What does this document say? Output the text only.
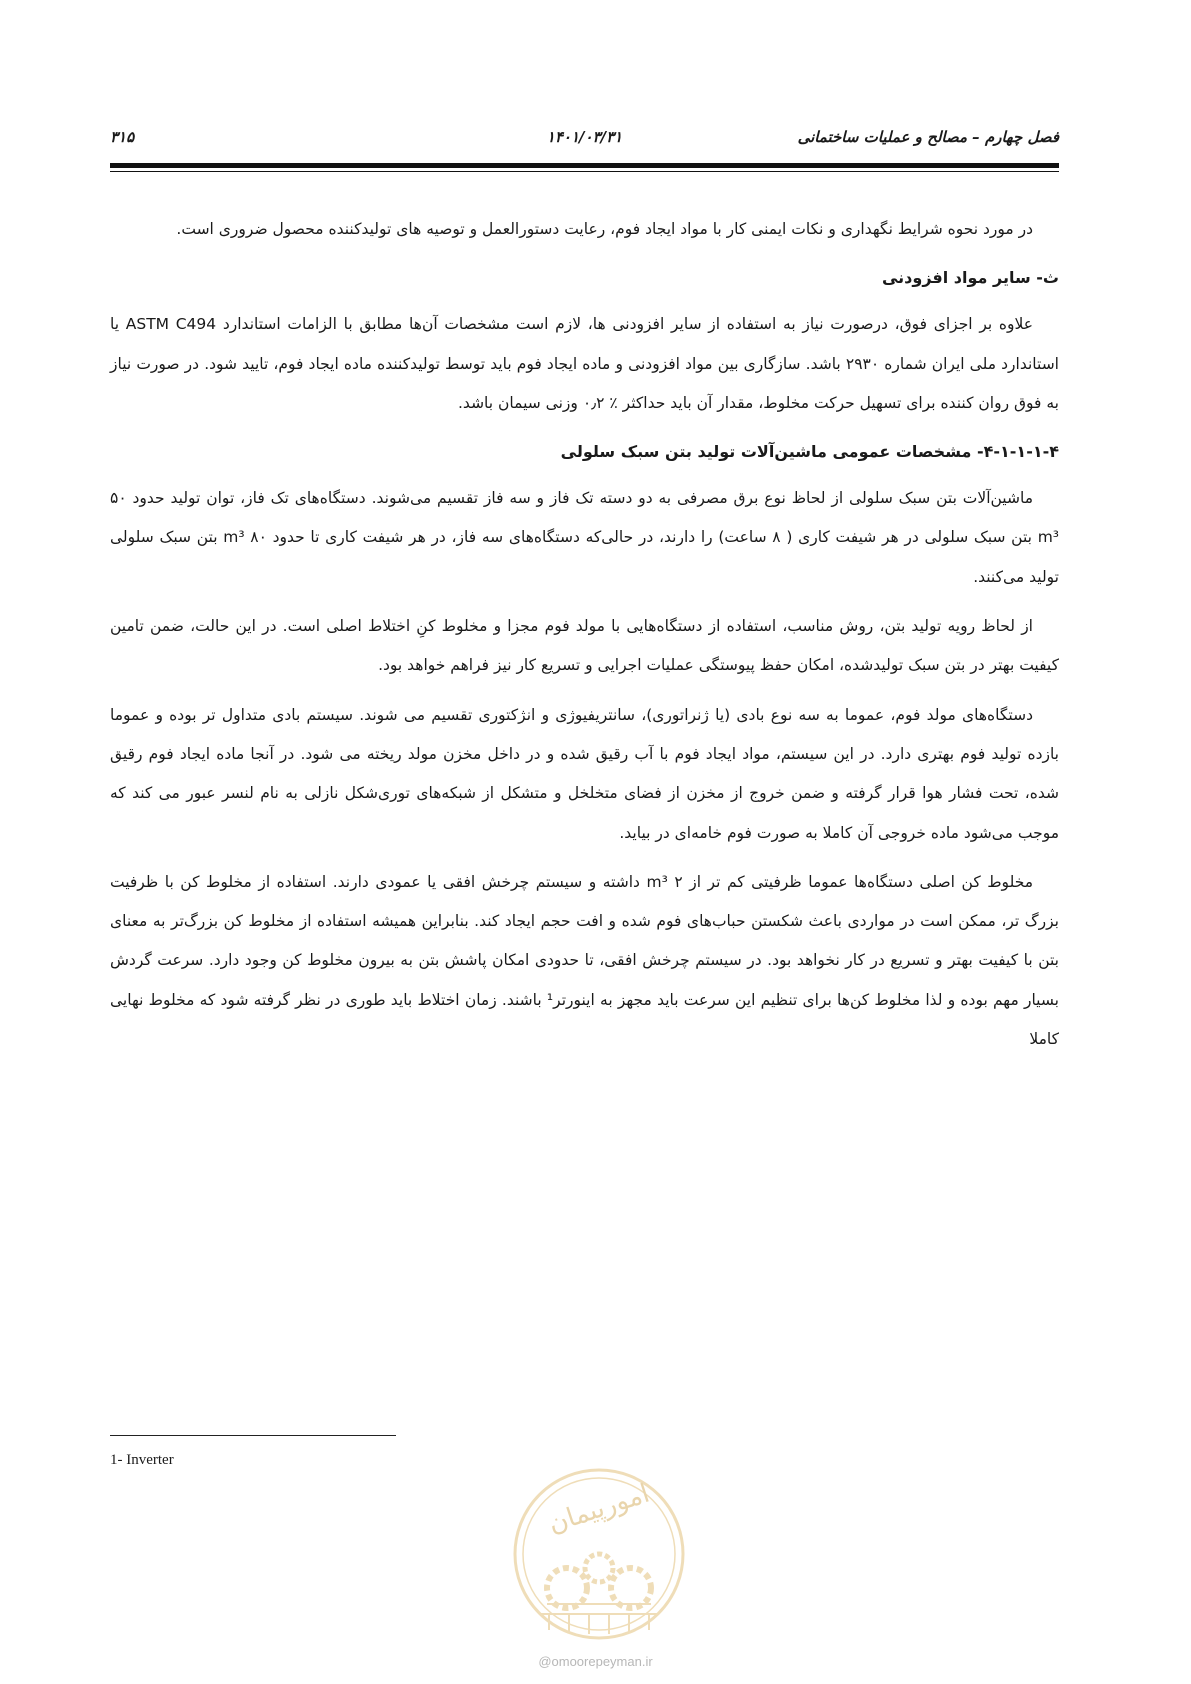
فصل چهارم – مصالح و عملیات ساختمانی
۱۴۰۱/۰۳/۳۱
۳۱۵

در مورد نحوه شرایط نگهداری و نکات ایمنی کار با مواد ایجاد فوم، رعایت دستورالعمل و توصیه های تولیدکننده محصول ضروری است.

ث- سایر مواد افزودنی

علاوه بر اجزای فوق، درصورت نیاز به استفاده از سایر افزودنی ها، لازم است مشخصات آن‌ها مطابق با الزامات استاندارد ASTM C494 یا استاندارد ملی ایران شماره ۲۹۳۰ باشد. سازگاری بین مواد افزودنی و ماده ایجاد فوم باید توسط تولیدکننده ماده ایجاد فوم، تایید شود. در صورت نیاز به فوق روان کننده برای تسهیل حرکت مخلوط، مقدار آن باید حداکثر ٪ ۰٫۲ وزنی سیمان باشد.

۴-۱-۱-۱-۴- مشخصات عمومی ماشین‌آلات تولید بتن سبک سلولی

ماشین‌آلات بتن سبک سلولی از لحاظ نوع برق مصرفی به دو دسته تک فاز و سه فاز تقسیم می‌شوند. دستگاه‌های تک فاز، توان تولید حدود ۵۰ m³ بتن سبک سلولی در هر شیفت کاری ( ۸ ساعت) را دارند، در حالی‌که دستگاه‌های سه فاز، در هر شیفت کاری تا حدود ۸۰ m³ بتن سبک سلولی تولید می‌کنند.

از لحاظ رویه تولید بتن، روش مناسب، استفاده از دستگاه‌هایی با مولد فوم مجزا و مخلوط کنِ اختلاط اصلی است. در این حالت، ضمن تامین کیفیت بهتر در بتن سبک تولیدشده، امکان حفظ پیوستگی عملیات اجرایی و تسریع کار نیز فراهم خواهد بود.

دستگاه‌های مولد فوم، عموما به سه نوع بادی (یا ژنراتوری)، سانتریفیوژی و انژکتوری تقسیم می شوند. سیستم بادی متداول تر بوده و عموما بازده تولید فوم بهتری دارد. در این سیستم، مواد ایجاد فوم با آب رقیق شده و در داخل مخزن مولد ریخته می شود. در آنجا ماده ایجاد فوم رقیق شده، تحت فشار هوا قرار گرفته و ضمن خروج از مخزن از فضای متخلخل و متشکل از شبکه‌های توری‌شکل نازلی به نام لنسر عبور می کند که موجب می‌شود ماده خروجی آن کاملا به صورت فوم خامه‌ای در بیاید.

مخلوط کن اصلی دستگاه‌ها عموما ظرفیتی کم تر از ۲ m³ داشته و سیستم چرخش افقی یا عمودی دارند. استفاده از مخلوط کن با ظرفیت بزرگ تر، ممکن است در مواردی باعث شکستن حباب‌های فوم شده و افت حجم ایجاد کند. بنابراین همیشه استفاده از مخلوط کن بزرگ‌تر به معنای بتن با کیفیت بهتر و تسریع در کار نخواهد بود. در سیستم چرخش افقی، تا حدودی امکان پاشش بتن به بیرون مخلوط کن وجود دارد. سرعت گردش بسیار مهم بوده و لذا مخلوط کن‌ها برای تنظیم این سرعت باید مجهز به اینورتر¹ باشند. زمان اختلاط باید طوری در نظر گرفته شود که مخلوط نهایی کاملا

1- Inverter
امورپیمان
@omoorepeyman.ir
